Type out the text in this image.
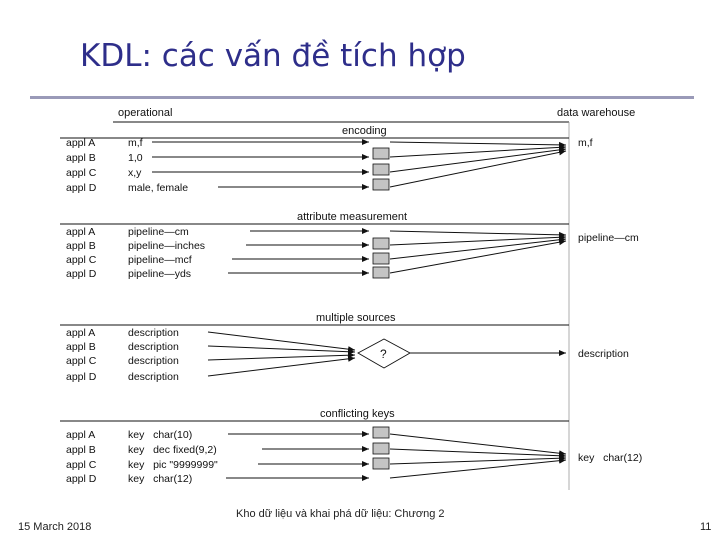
KDL: các vấn đề tích hợp
operational	data warehouse
encoding
appl A
appl B
appl C
appl D
m,f
1,0
x,y
male, female
m,f
attribute measurement
appl A
appl B
appl C
appl D
pipeline—cm
pipeline—inches
pipeline—mcf
pipeline—yds
pipeline—cm
multiple sources
appl A
appl B
appl C
appl D
description
description
description
description
?	description
conflicting keys
appl A
appl B
appl C
appl D
key   char(10)
key   dec fixed(9,2)
key   pic "9999999"
key   char(12)
key   char(12)
15 March 2018
Kho dữ liệu và khai phá dữ liệu: Chương 2
11
